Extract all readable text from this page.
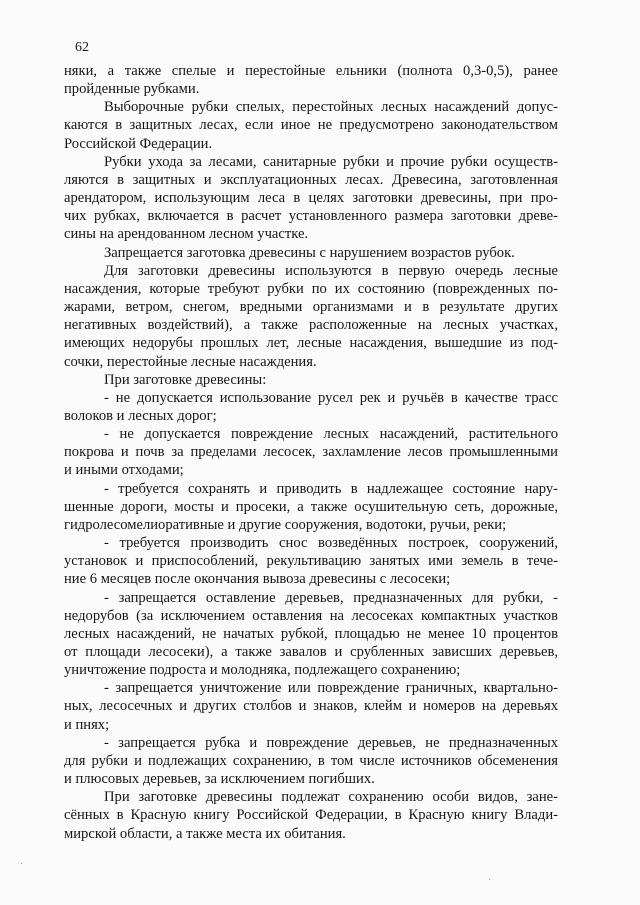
62
няки, а также спелые и перестойные ельники (полнота 0,3-0,5), ранее
пройденные рубками.
Выборочные рубки спелых, перестойных лесных насаждений допус-
каются в защитных лесах, если иное не предусмотрено законодательством
Российской Федерации.
Рубки ухода за лесами, санитарные рубки и прочие рубки осуществ-
ляются в защитных и эксплуатационных лесах. Древесина, заготовленная
арендатором, использующим леса в целях заготовки древесины, при про-
чих рубках, включается в расчет установленного размера заготовки древе-
сины на арендованном лесном участке.
Запрещается заготовка древесины с нарушением возрастов рубок.
Для заготовки древесины используются в первую очередь лесные
насаждения, которые требуют рубки по их состоянию (поврежденных по-
жарами, ветром, снегом, вредными организмами и в результате других
негативных воздействий), а также расположенные на лесных участках,
имеющих недорубы прошлых лет, лесные насаждения, вышедшие из под-
сочки, перестойные лесные насаждения.
При заготовке древесины:
- не допускается использование русел рек и ручьёв в качестве трасс
волоков и лесных дорог;
- не допускается повреждение лесных насаждений, растительного
покрова и почв за пределами лесосек, захламление лесов промышленными
и иными отходами;
- требуется сохранять и приводить в надлежащее состояние нару-
шенные дороги, мосты и просеки, а также осушительную сеть, дорожные,
гидролесомелиоративные и другие сооружения, водотоки, ручьи, реки;
- требуется производить снос возведённых построек, сооружений,
установок и приспособлений, рекультивацию занятых ими земель в тече-
ние 6 месяцев после окончания вывоза древесины с лесосеки;
- запрещается оставление деревьев, предназначенных для рубки, -
недорубов (за исключением оставления на лесосеках компактных участков
лесных насаждений, не начатых рубкой, площадью не менее 10 процентов
от площади лесосеки), а также завалов и срубленных зависших деревьев,
уничтожение подроста и молодняка, подлежащего сохранению;
- запрещается уничтожение или повреждение граничных, квартально-
ных, лесосечных и других столбов и знаков, клейм и номеров на деревьях
и пнях;
- запрещается рубка и повреждение деревьев, не предназначенных
для рубки и подлежащих сохранению, в том числе источников обсеменения
и плюсовых деревьев, за исключением погибших.
При заготовке древесины подлежат сохранению особи видов, зане-
сённых в Красную книгу Российской Федерации, в Красную книгу Влади-
мирской области, а также места их обитания.
·
·
